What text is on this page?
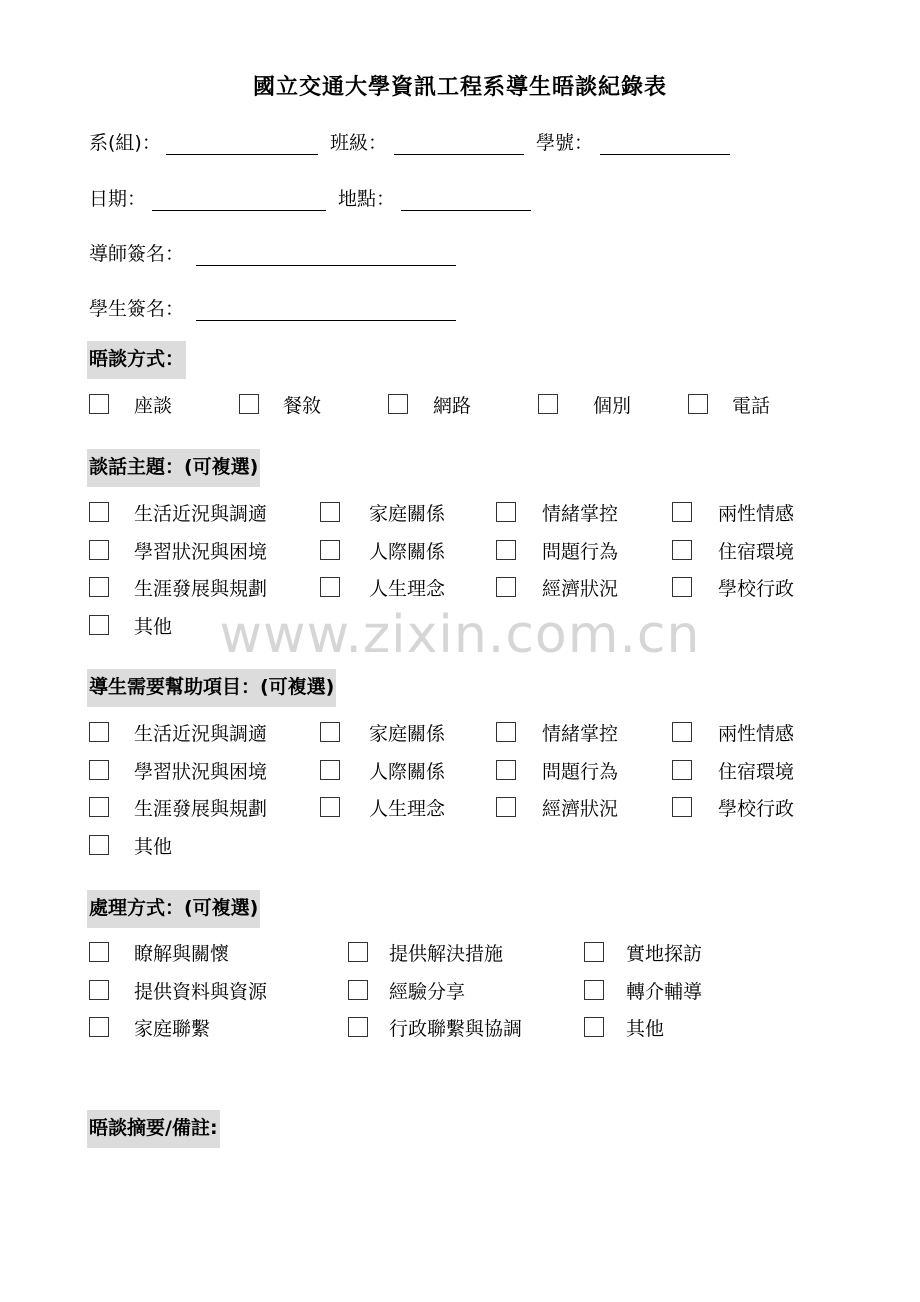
國立交通大學資訊工程系導生晤談紀錄表
系(組)：	班級：	學號：
日期：	地點：
導師簽名：
學生簽名：
晤談方式：
座談	餐敘	網路	個別	電話
談話主題：(可複選)
生活近況與調適	家庭關係	情緒掌控	兩性情感
學習狀況與困境	人際關係	問題行為	住宿環境
生涯發展與規劃	人生理念	經濟狀況	學校行政
其他 www.zixin.com.cn
導生需要幫助項目：(可複選)
生活近況與調適	家庭關係	情緒掌控	兩性情感
學習狀況與困境	人際關係	問題行為	住宿環境
生涯發展與規劃	人生理念	經濟狀況	學校行政
其他
處理方式：(可複選)
瞭解與關懷	提供解決措施	實地探訪
提供資料與資源	經驗分享	轉介輔導
家庭聯繫	行政聯繫與協調	其他
晤談摘要/備註:
